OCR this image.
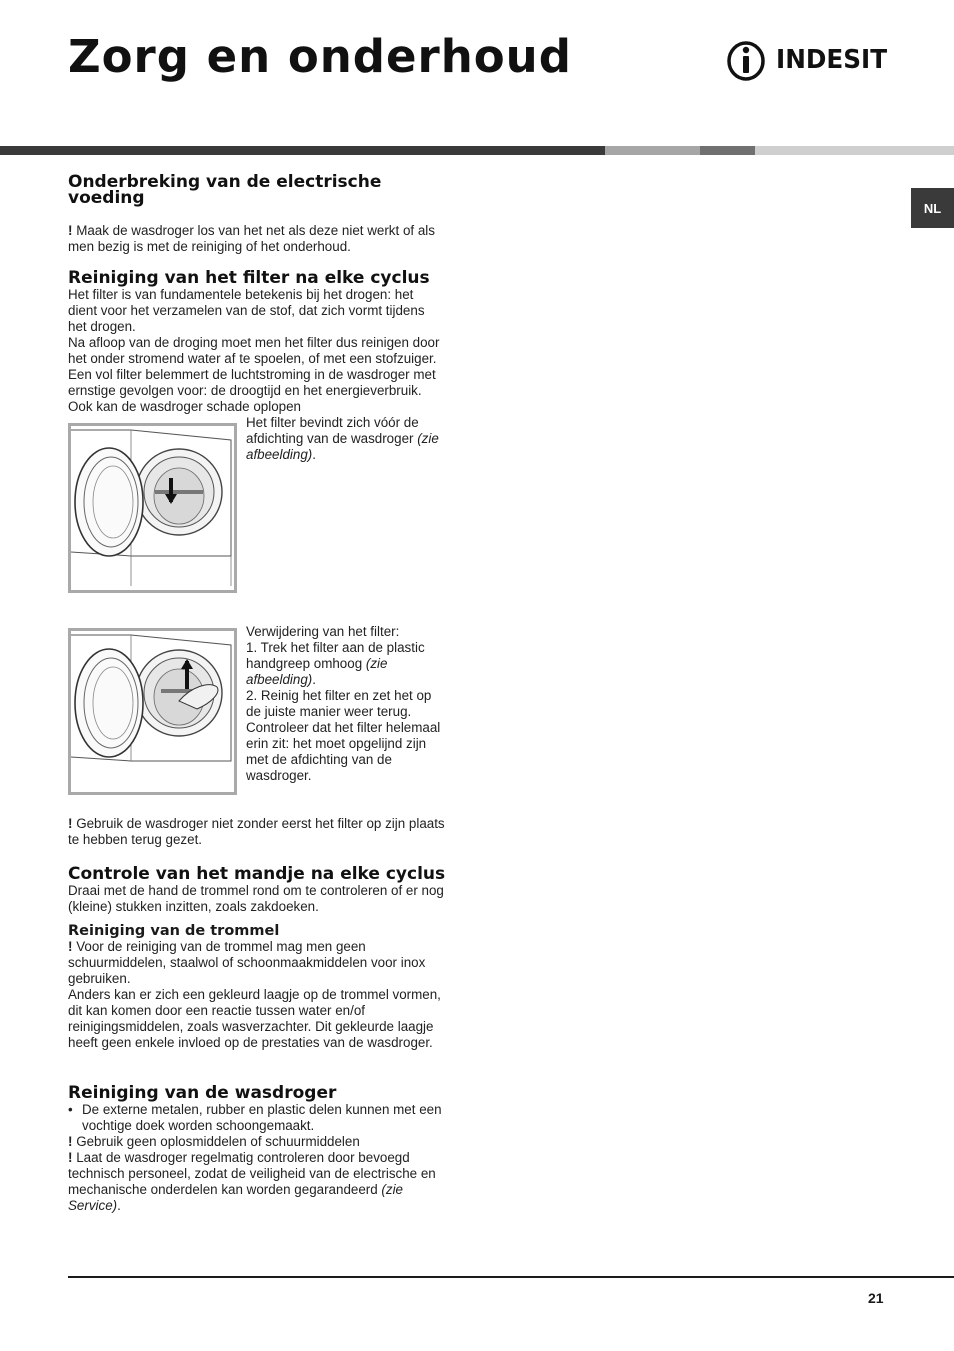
Zorg en onderhoud	INDESIT
NL
Onderbreking van de electrische voeding

! Maak de wasdroger los van het net als deze niet werkt of als men bezig is met de reiniging of het onderhoud.

Reiniging van het filter na elke cyclus

Het filter is van fundamentele betekenis bij het drogen: het dient voor het verzamelen van de stof, dat zich vormt tijdens het drogen.

Na afloop van de droging moet men het filter dus reinigen door het onder stromend water af te spoelen, of met een stofzuiger. Een vol filter belemmert de luchtstroming in de wasdroger met ernstige gevolgen voor: de droogtijd en het energieverbruik. Ook kan de wasdroger schade oplopen

Het filter bevindt zich vóór de afdichting van de wasdroger (zie afbeelding).

Verwijdering van het filter:

1. Trek het filter aan de plastic handgreep omhoog (zie afbeelding).

2. Reinig het filter en zet het op de juiste manier weer terug. Controleer dat het filter helemaal erin zit: het moet opgelijnd zijn met de afdichting van de wasdroger.

! Gebruik de wasdroger niet zonder eerst het filter op zijn plaats te hebben terug gezet.

Controle van het mandje na elke cyclus

Draai met de hand de trommel rond om te controleren of er nog (kleine) stukken inzitten, zoals zakdoeken.

Reiniging van de trommel

! Voor de reiniging van de trommel mag men geen schuurmiddelen, staalwol of schoonmaakmiddelen voor inox gebruiken.

Anders kan er zich een gekleurd laagje op de trommel vormen, dit kan komen door een reactie tussen water en/of reinigingsmiddelen, zoals wasverzachter. Dit gekleurde laagje heeft geen enkele invloed op de prestaties van de wasdroger.

Reiniging van de wasdroger
• De externe metalen, rubber en plastic delen kunnen met een vochtige doek worden schoongemaakt.

! Gebruik geen oplosmiddelen of schuurmiddelen

! Laat de wasdroger regelmatig controleren door bevoegd technisch personeel, zodat de veiligheid van de electrische en mechanische onderdelen kan worden gegarandeerd (zie Service).

21
